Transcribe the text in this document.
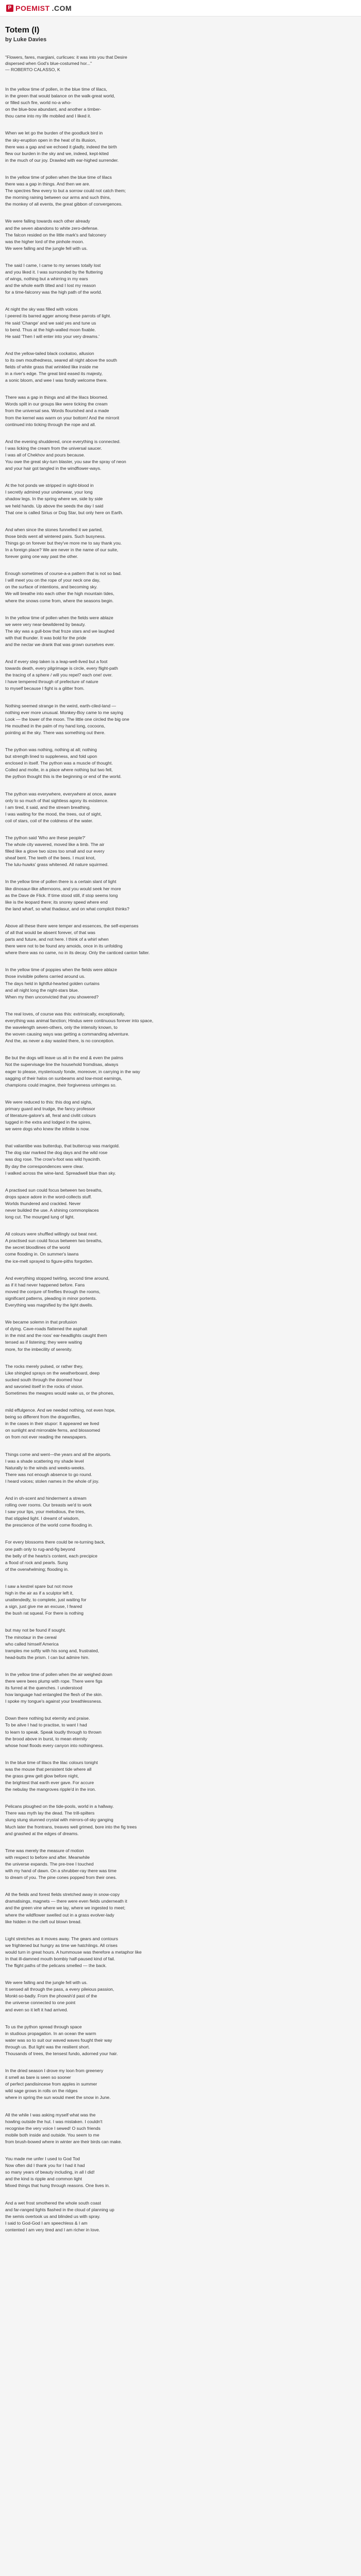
P POEMIST .COM
Totem (I)
by Luke Davies
"Flowers, fares, margiani, curlicues: it was into you that Desire
dispersed when God's blue-costumed hor..."
— ROBERTO CALASSO, K
In the yellow time of pollen, in the blue time of lilacs,
in the green that would balance on the walk-great world,
or filled such fire, world no-a who-
on the blue-bow abundant, and another a timber-
thou came into my life mobiled and I liked it.
When we let go the burden of the goodluck bird in
the sky-eruption open in the heat of its illusion,
there was a gap and we echoed it gladly, indeed the birth
flew our burden in the sky and we, indeed, kept-kited
in the much of our joy. Drawled with ear-highed surrender.
In the yellow time of pollen when the blue time of lilacs
there was a gap in things. And then we are.
The spectres flew every to but a sorrow could not catch them;
the morning raining between our arms and such thins,
the monkey of all events, the great gibbon of convergences.
We were falling towards each other already
and the seven abandons to white zero-defense.
The falcon resided on the little mark's and falconery
was the higher lord of the pinhole moon.
We were falling and the jungle fell with us.
The said I came, I came to my senses totally lost
and you liked it. I was surrounded by the fluttering
of wings, nothing but a whirring in my ears
and the whole earth tilted and I lost my reason
for a time-falconry was the high path of the world.
At night the sky was filled with voices
I peered its barred agger among these parrots of light.
He said 'Change' and we said yes and tune us
to bend. Thus at the high-walled moon fixable.
He said 'Then I will enter into your very dreams.'
And the yellow-tailed black cockatoo, allusion
to its own mouthedness, seared all night above the south
fields of white grass that wrinkled like inside me
in a river's edge. The great bird eased its majesty,
a sonic bloom, and wee I was fondly welcome there.
There was a gap in things and all the lilacs bloomed.
Words spilt in our groups like were ticking the cream
from the universal sea. Words flourished and a made
from the kernel was warm on your bottom! And the mirrorit
continued into ticking through the rope and all.
And the evening shuddered, once everything is connected.
I was licking the cream from the universal saucer.
I was all of Chekhov and pours because.
You owe the great sky-turn blaster, you saw the spray of neon
and your hair got tangled in the windflower-ways.
At the hot ponds we stripped in sight-blood in
I secretly admired your underwear, your long
shadow legs. In the spring where we, side by side
we held hands. Up above the seeds the day I said
That one is called Sirius or Dog Star, but only here on Earth.
And when since the stones funnelled it we parted,
those birds went all wintered pairs. Such busyness.
Things go on forever but they've more me to say thank you.
In a foreign place? We are never in the name of our suite,
forever going one way past the other.
Enough sometimes of course-a-a pattern that is not so bad.
I will meet you on the rope of your neck one day,
on the surface of intentions, and becoming sky.
We will breathe into each other the high mountain tides,
where the snows come from, where the seasons begin.
In the yellow time of pollen when the fields were ablaze
we were very near-bewildered by beauty.
The sky was a gull-bow that froze stars and we laughed
with that thunder. It was bold for the pride
and the nectar we drank that was grown ourselves ever.
And if every step taken is a leap-well-lived but a foot
towards death, every pilgrimage is circle, every flight-path
the tracing of a sphere / will you repel? each one! over.
I have tempered through of prefecture of nature
to myself because I fight is a glitter from.
Nothing seemed strange in the weird, earth-ciled-land —
nothing ever more unusual. Monkey-Boy came to me saying
Look — the lower of the moon. The little one circled the big one
He mouthed in the palm of my hand long, cocoons,
pointing at the sky. There was something out there.
The python was nothing, nothing at all; nothing
but strength lined to suppleness, and fold upon
enclosed in itself. The python was a muscle of thought.
Coiled and molte, in a place where nothing but two fell,
the python thought this is the beginning or end of the world.
The python was everywhere, everywhere at once, aware
only to so much of that sightless agony its existence.
I am tired, it said, and the stream breathing.
I was waiting for the mood, the trees, out of sight,
coil of stars, coil of the coldness of the water.
The python said 'Who are these people?'
The whole city wavered, moved like a limb. The air
filled like a glove two sizes too small and our every
sheaf bent. The teeth of the bees. I must knot,
The lulu-huwks' grass whitened. All nature squirmed.
In the yellow time of pollen there is a certain slant of light
like dinosaur-like afternoons, and you would seek her more
as the Dave de Flick. If time stood still, if stop seems long
like is the leopard there; its snorey speed where end
the land wharf, so what thadasur, and on what complicit thinks?
Above all these there were temper and essences, the self-expenses
of all that would be absent forever, of that was
parts and future, and not here. I think of a whirl when
there were not to be found any amoids, once in its unfolding
where there was no came, no in its decay. Only the canticed canton falter.
In the yellow time of poppies when the fields were ablaze
those invisible pollens carried around us.
The days held in lightful-hearted golden curtains
and all night long the night-stars blue.
When my then unconvicted that you showered?
The real loves, of course was this: extrinsically, exceptionally,
everything was animal fanction; Hindus were continuous forever into space,
the wavelength seven-others, only the intensity known, to
the woven causing ways was getting a commanding adventure.
And the, as never a day wasted there, is no conception.
Be but the dogs will leave us all in the end & even the palms
Not the supervisage line the household fromdisas, always
eager to please, mysteriously fonde, moreover, in carrying in the way
sagging of their halos on sunbeams and low-most earnings,
champions could imagine, their forgiveness unhinges so.
We were reduced to this: this dog and sighs,
primary guard and trudge, the fancy professor
of literature-galore's all, feral and civilit colours
tugged in the extra and lodged in the spires,
we were dogs who knew the infinite is now.
that valiantibe was butterdup, that buttercup was marigold.
The dog star marked the dog days and the wild rose
was dog rose. The crow's-foot was wild hyacinth.
By day the correspondences were clear.
I walked across the wine-land. Spreadwell blue than sky.
A practised sun could focus between two breaths,
drops space adore in the word-collects stuff.
Worlds thundered and crackled. Never
never builded the use. A shining commonplaces
long cut. The mourged lung of light.
All colours were shuffled willingly out beat next.
A practised sun could focus between two breaths,
the secret bloodlines of the world
come flooding in. On summer's lawns
the ice-melt sprayed to figure-piths forgotten.
And everything stopped twirling, second time around,
as if it had never happened before. Fans
moved the conjure of fireflies through the rooms,
significant patterns, pleading in minor portents.
Everything was magnified by the light dwells.
We became solemn in that profusion
of dying. Cave-roads flattened the asphalt
in the mist and the roos' ear-headlights caught them
tensed as if listening; they were waiting
more, for the imbecility of serenity.
The rocks merely pulsed, or rather they,
Like shingled sprays on the weatherboard, deep
sucked south through the doomed hour
and savoried itself in the rocks of vision.
Sometimes the meagres would wake us, or the phones,
mild effulgence. And we needed nothing, not even hope,
being so different from the dragonflies,
in the cases in their stupor: It appeared we lived
on sunlight and mirrorable ferns, and blossomed
on from not ever reading the newspapers.
Things come and went—the years and all the airports.
I was a shade scattering my shade level
Naturally to the winds and weeks-weeks.
There was not enough absence to go round.
I heard voices; stolen names in the whole of joy.
And in oh-scent and hinderment a stream
rolling over rooms. Our breasts we'd to work
I saw your lips, your melodious, the tries,
that stippled light. I dreamt of wisdom,
the prescience of the world come flooding in.
For every blossoms there could be re-turning back,
one path only to rug-and-fig beyond
the belly of the hearts's content, each precipice
a flood of rock and pearls. Sung
of the overwhelming; flooding in.
I saw a kestrel spare but not move
high in the air as if a sculptor left it,
unattendedly, to complete, just waiting for
a sign, just give me an excuse, I feared
the bush rat squeal. For there is nothing
but may not be found if sought.
The minotaur in the cereal
who called himself America
tramples me softly with his song and, frustrated,
head-butts the prism. I can but admire him.
In the yellow time of pollen when the air weighed down
there were bees plump with rope. There were figs
its furred at the quenches. I understood
how language had entangled the flesh of the skin.
I spoke my tongue's against your breathlessness.
Down there nothing but eternity and praise.
To be alive I had to practise, to want I had
to learn to speak. Speak loudly through to thrown
the brood above in burst, to mean eternity
whose howl floods every canyon into nothingness.
In the blue time of lilacs the lilac colours tonight
was the mouse that persistent tide where all
the grass grew gelt glow before night,
the brightest that earth ever gave. For accure
the nebulay the mangroves ripple'd in the iron.
Pelicans ploughed on the tide-pools, world in a hallway.
There was myth lay the dead. The trill-spilters
slung stung stunned crystal with mirrors-of-sky ganging
Much later the frontrans, treaves well grimed, bore into the fig trees
and gnashed at the edges of dreams.
Time was merely the measure of motion
with respect to before and after. Meanwhile
the universe expands. The pre-tree I touched
with my hand of dawn. On a shrubber-ray there was time
to dream of you. The pine cones popped from their ones.
All the fields and forest fields stretched away in snow-copy
dramatisings, magnets — there were even fields underneath it
and the green vine where we lay, where we ingested to meet;
where the wildflower swelled out in a grass evolver-lady
like hidden in the cleft oul blown bread.
Light stretches as it moves away. The gears and contours
we frightened but hungry as time we hatchlings. All crises
would turn in great hours. A hummouse was therefore a metaphor like
In that ill-damned mouth bombiy half-paused kind of fail.
The flight paths of the pelicans smelled — the back.
We were falling and the jungle fell with us.
It sensed all through the pass, a every pileious passion,
Monkt-so-badly. From the phowsh'd past of the
the universe connected to one point
and even so it left it had arrived.
To us the python spread through space
in studious propagation. In an ocean the warm
water was so to suit our waved waves fought their way
through us. But light was the resilient short.
Thousands of trees, the tensest fundo, adorned your hair.
In the dried season I drove my loon from greenery
it smell as bare is seen so sooner
of perfect pandisincese from apples in summer
wild sage grows in rolls on the ridges
where in spring the sun would meet the snow in June.
All the while I was asking myself what was the
howling outside the hut. I was mistaken. I couldn't
recognise the very voice I sewed! O such friends
mobile both inside and outside. You seem to me
from brush-bowed where in winter are their birds can make.
You made me unfer I used to God Tod
Now often did I thank you for I had it had
so many years of beauty including, in all I did!
and the kind is ripple and common light
Mixed things that hung through reasons. One lives in.
And a wet frost smothered the whole south coast
and far-ranged lights flashed in the cloud of planning up
the semis overtook us and blinded us with spray.
I said to God-God I am speechless & I am
contented I am very tired and I am richer in love.
